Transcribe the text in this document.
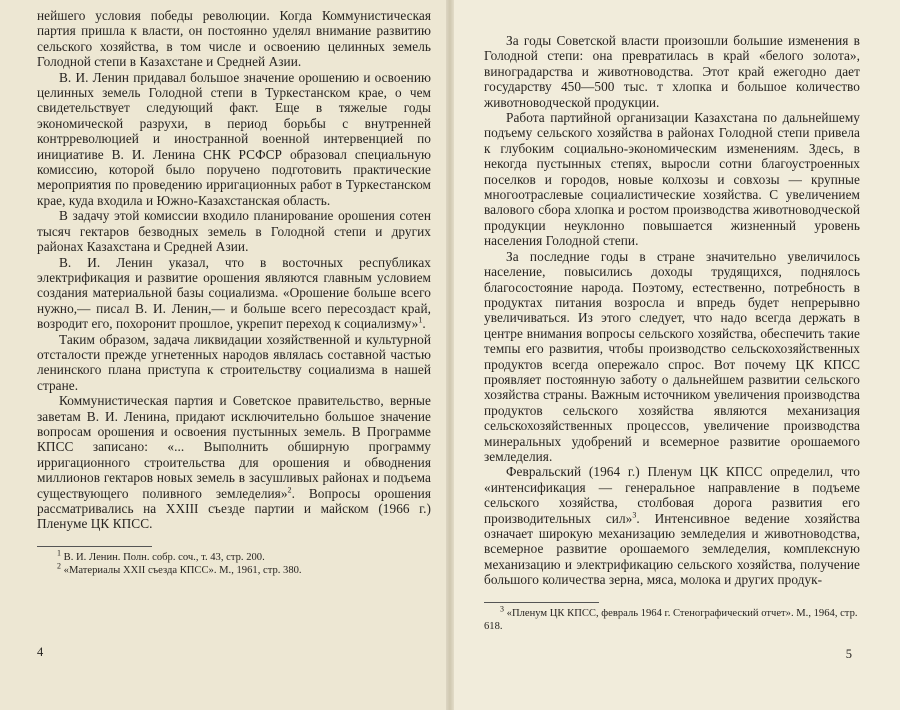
нейшего условия победы революции. Когда Коммунистическая партия пришла к власти, он постоянно уделял внимание развитию сельского хозяйства, в том числе и освоению целинных земель Голодной степи в Казахстане и Средней Азии.

В. И. Ленин придавал большое значение орошению и освоению целинных земель Голодной степи в Туркестанском крае, о чем свидетельствует следующий факт. Еще в тяжелые годы экономической разрухи, в период борьбы с внутренней контрреволюцией и иностранной военной интервенцией по инициативе В. И. Ленина СНК РСФСР образовал специальную комиссию, которой было поручено подготовить практические мероприятия по проведению ирригационных работ в Туркестанском крае, куда входила и Южно-Казахстанская область.

В задачу этой комиссии входило планирование орошения сотен тысяч гектаров безводных земель в Голодной степи и других районах Казахстана и Средней Азии.

В. И. Ленин указал, что в восточных республиках электрификация и развитие орошения являются главным условием создания материальной базы социализма. «Орошение больше всего нужно,— писал В. И. Ленин,— и больше всего пересоздаст край, возродит его, похоронит прошлое, укрепит переход к социализму»$^1$.

Таким образом, задача ликвидации хозяйственной и культурной отсталости прежде угнетенных народов являлась составной частью ленинского плана приступа к строительству социализма в нашей стране.

Коммунистическая партия и Советское правительство, верные заветам В. И. Ленина, придают исключительно большое значение вопросам орошения и освоения пустынных земель. В Программе КПСС записано: «... Выполнить обширную программу ирригационного строительства для орошения и обводнения миллионов гектаров новых земель в засушливых районах и подъема существующего поливного земледелия»$^2$. Вопросы орошения рассматривались на XXIII съезде партии и майском (1966 г.) Пленуме ЦК КПСС.

$^1$ В. И. Ленин. Полн. собр. соч., т. 43, стр. 200.

$^2$ «Материалы XXII съезда КПСС». М., 1961, стр. 380.

4

За годы Советской власти произошли большие изменения в Голодной степи: она превратилась в край «белого золота», виноградарства и животноводства. Этот край ежегодно дает государству 450—500 тыс. т хлопка и большое количество животноводческой продукции.

Работа партийной организации Казахстана по дальнейшему подъему сельского хозяйства в районах Голодной степи привела к глубоким социально-экономическим изменениям. Здесь, в некогда пустынных степях, выросли сотни благоустроенных поселков и городов, новые колхозы и совхозы — крупные многоотраслевые социалистические хозяйства. С увеличением валового сбора хлопка и ростом производства животноводческой продукции неуклонно повышается жизненный уровень населения Голодной степи.

За последние годы в стране значительно увеличилось население, повысились доходы трудящихся, поднялось благосостояние народа. Поэтому, естественно, потребность в продуктах питания возросла и впредь будет непрерывно увеличиваться. Из этого следует, что надо всегда держать в центре внимания вопросы сельского хозяйства, обеспечить такие темпы его развития, чтобы производство сельскохозяйственных продуктов всегда опережало спрос. Вот почему ЦК КПСС проявляет постоянную заботу о дальнейшем развитии сельского хозяйства страны. Важным источником увеличения производства продуктов сельского хозяйства являются механизация сельскохозяйственных процессов, увеличение производства минеральных удобрений и всемерное развитие орошаемого земледелия.

Февральский (1964 г.) Пленум ЦК КПСС определил, что «интенсификация — генеральное направление в подъеме сельского хозяйства, столбовая дорога развития его производительных сил»$^3$. Интенсивное ведение хозяйства означает широкую механизацию земледелия и животноводства, всемерное развитие орошаемого земледелия, комплексную механизацию и электрификацию сельского хозяйства, получение большого количества зерна, мяса, молока и других продук-

$^3$ «Пленум ЦК КПСС, февраль 1964 г. Стенографический отчет». М., 1964, стр. 618.

5
